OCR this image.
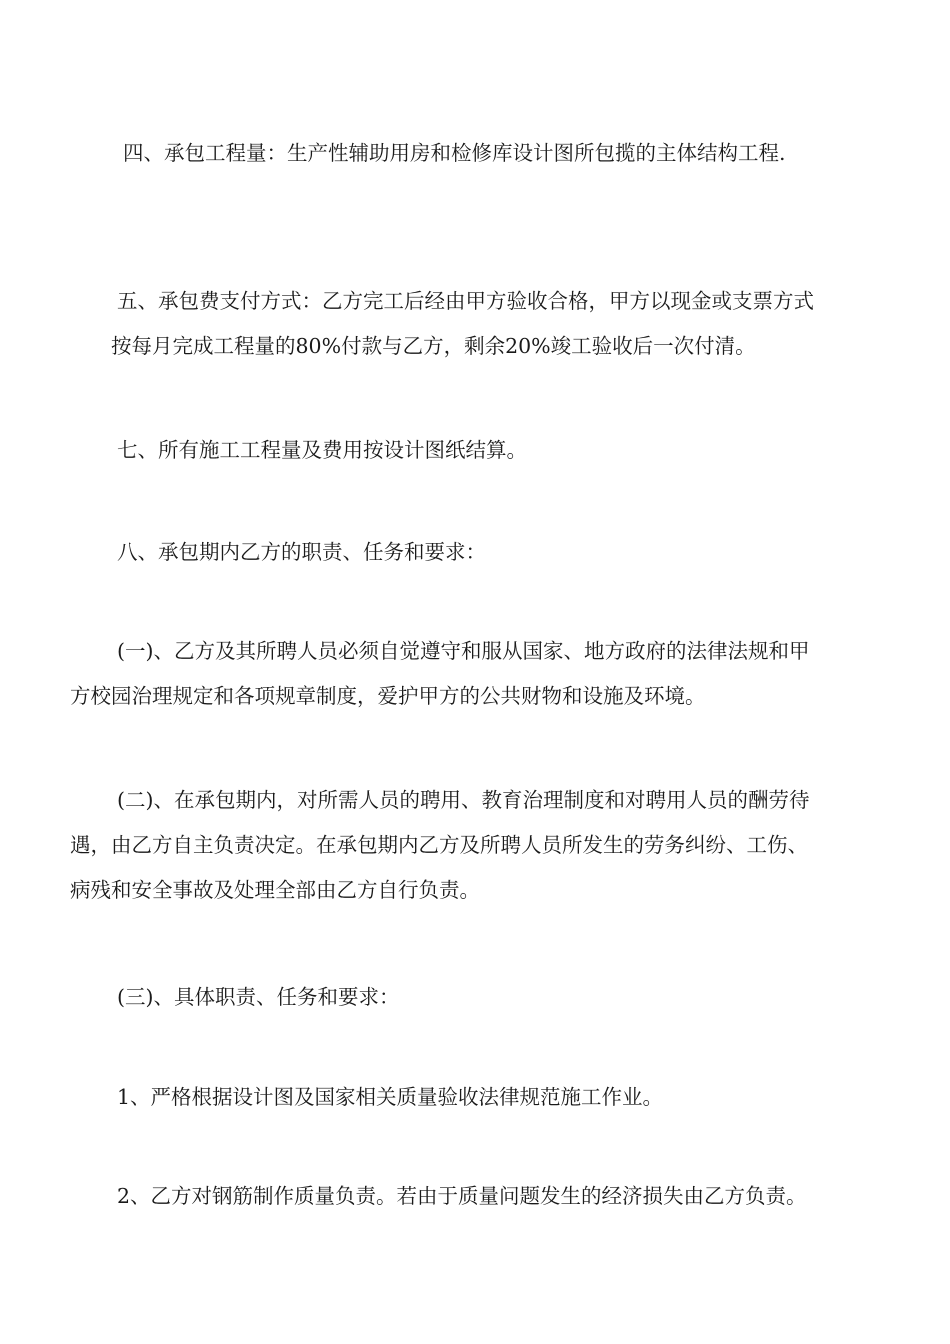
四、承包工程量：生产性辅助用房和检修库设计图所包揽的主体结构工程.

五、承包费支付方式：乙方完工后经由甲方验收合格，甲方以现金或支票方式
按每月完成工程量的80%付款与乙方，剩余20%竣工验收后一次付清。

七、所有施工工程量及费用按设计图纸结算。

八、承包期内乙方的职责、任务和要求：

(一)、乙方及其所聘人员必须自觉遵守和服从国家、地方政府的法律法规和甲
方校园治理规定和各项规章制度，爱护甲方的公共财物和设施及环境。

(二)、在承包期内，对所需人员的聘用、教育治理制度和对聘用人员的酬劳待
遇，由乙方自主负责决定。在承包期内乙方及所聘人员所发生的劳务纠纷、工伤、
病残和安全事故及处理全部由乙方自行负责。

(三)、具体职责、任务和要求：

1、严格根据设计图及国家相关质量验收法律规范施工作业。

2、乙方对钢筋制作质量负责。若由于质量问题发生的经济损失由乙方负责。
